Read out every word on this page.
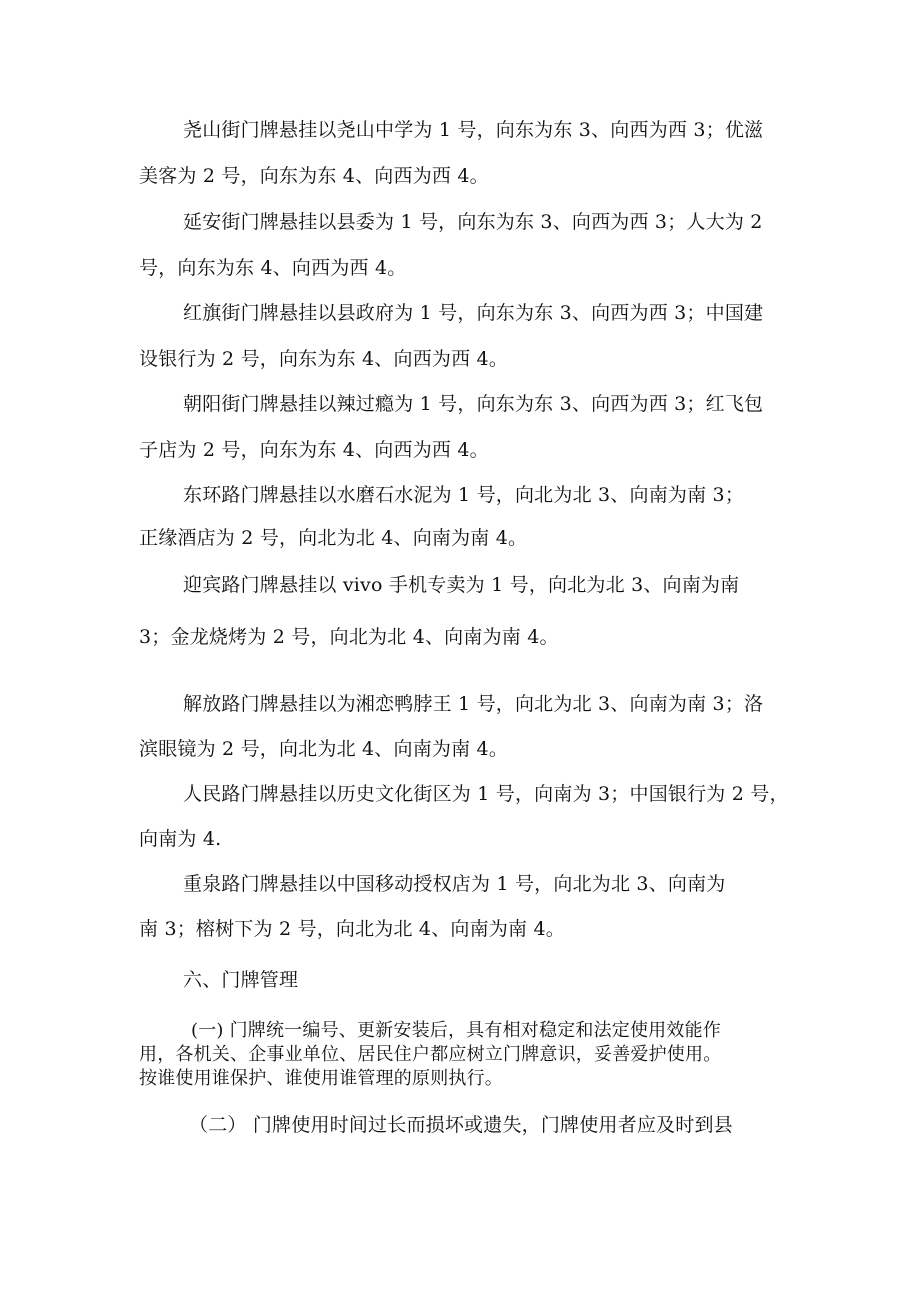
尧山街门牌悬挂以尧山中学为 1 号，向东为东 3、向西为西 3；优滋
美客为 2 号，向东为东 4、向西为西 4。
延安街门牌悬挂以县委为 1 号，向东为东 3、向西为西 3；人大为 2
号，向东为东 4、向西为西 4。
红旗街门牌悬挂以县政府为 1 号，向东为东 3、向西为西 3；中国建
设银行为 2 号，向东为东 4、向西为西 4。
朝阳街门牌悬挂以辣过瘾为 1 号，向东为东 3、向西为西 3；红飞包
子店为 2 号，向东为东 4、向西为西 4。
东环路门牌悬挂以水磨石水泥为 1 号，向北为北 3、向南为南 3；
正缘酒店为 2 号，向北为北 4、向南为南 4。
迎宾路门牌悬挂以 vivo 手机专卖为 1 号，向北为北 3、向南为南
3；金龙烧烤为 2 号，向北为北 4、向南为南 4。
解放路门牌悬挂以为湘恋鸭脖王 1 号，向北为北 3、向南为南 3；洛
滨眼镜为 2 号，向北为北 4、向南为南 4。
人民路门牌悬挂以历史文化街区为 1 号，向南为 3；中国银行为 2 号，
向南为 4.
重泉路门牌悬挂以中国移动授权店为 1 号，向北为北 3、向南为
南 3；榕树下为 2 号，向北为北 4、向南为南 4。
六、门牌管理
(一) 门牌统一编号、更新安装后，具有相对稳定和法定使用效能作
用，各机关、企事业单位、居民住户都应树立门牌意识，妥善爱护使用。
按谁使用谁保护、谁使用谁管理的原则执行。
（二） 门牌使用时间过长而损坏或遗失，门牌使用者应及时到县
